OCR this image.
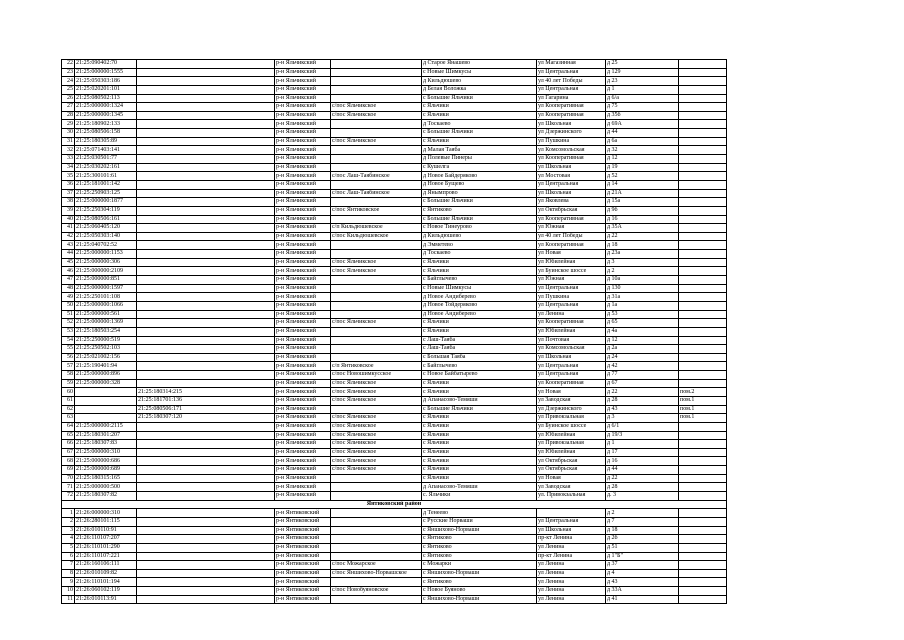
22	21:25:090402:70		р-н Яльчикский		д Старое Янашево	ул Магазинная	д 25	
23	21:25:000000:1555		р-н Яльчикский		с Новые Шимкусы	ул Центральная	д 129	
24	21:25:050303:186		р-н Яльчикский		д Кильдюшево	ул 40 лет Победы	д 23	
25	21:25:020201:101		р-н Яльчикский		д Белая Воложка	ул Центральная	д 1	
26	21:25:080502:113		р-н Яльчикский		с Большие Яльчики	ул Гагарина	д 6/а	
27	21:25:000000:1324		р-н Яльчикский	с/пос Яльчикское	с Яльчики	ул Кооперативная	д 75	
28	21:25:000000:1345		р-н Яльчикский	с/пос Яльчикское	с Яльчики	ул Кооперативная	д 35б	
29	21:25:180902:133		р-н Яльчикский		д Тоскаево	ул Школьная	д 69А	
30	21:25:080506:158		р-н Яльчикский		с Большие Яльчики	ул Дзержинского	д 44	
31	21:25:180305:89		р-н Яльчикский	с/пос Яльчикское	с Яльчики	ул Пушкина	д 6а	
32	21:25:071403:141		р-н Яльчикский		д Малая Таяба	ул Комсомольская	д 32	
33	21:25:030501:77		р-н Яльчикский		д Полевые Пинеры	ул Кооперативная	д 12	
34	21:25:030202:161		р-н Яльчикский		с Кушелга	ул Школьная	д 19	
35	21:25:300101:61		р-н Яльчикский	с/пос Лаш-Таябинское	д Новое Байдеряково	ул Мостовая	д 52	
36	21:25:181001:142		р-н Яльчикский		д Новое Бущево	ул Центральная	д 14	
37	21:25:250903:125		р-н Яльчикский	с/пос Лаш-Таябинское	д Янымпрово	ул Школьная	д 21А	
38	21:25:000000:1877		р-н Яльчикский		с Большие Яльчики	ул Яковлева	д 15а	
39	21:25:250304:119		р-н Яльчикский	с/пос Янтиковское	с Янтиково	ул Октябрьская	д 9б	
40	21:25:080506:161		р-н Яльчикский		с Большие Яльчики	ул Кооперативная	д 16	
41	21:25:060405:120		р-н Яльчикский	с/п Кильдюшевское	с Новое Тинеурово	ул Южная	д 35А	
42	21:25:050303:140		р-н Яльчикский	с/пос Кильдюшевское	д Кильдюшево	ул 40 лет Победы	д 22	
43	21:25:040702:52		р-н Яльчикский		д Эмметево	ул Кооперативная	д 18	
44	21:25:000000:1153		р-н Яльчикский		д Тоскаево	ул Новая	д 23а	
45	21:25:000000:306		р-н Яльчикский	с/пос Яльчикское	с Яльчики	ул Юбилейная	д 3	
46	21:25:000000:2109		р-н Яльчикский	с/пос Яльчикское	с Яльчики	ул Буинское шоссе	д 2	
47	21:25:000000:851		р-н Яльчикский		с Байглычево	ул Южная	д 10а	
48	21:25:000000:1597		р-н Яльчикский		с Новые Шимкусы	ул Центральная	д 130	
49	21:25:250101:108		р-н Яльчикский		д Новое Андиберево	ул Пушкина	д 31а	
50	21:25:000000:1066		р-н Яльчикский		д Новое Тойдеряково	ул Центральная	д 1а	
51	21:25:000000:561		р-н Яльчикский		д Новое Андиберево	ул Ленина	д 53	
52	21:25:000000:1369		р-н Яльчикский	с/пос Яльчикское	с Яльчики	ул Кооперативная	д 65	
53	21:25:180503:254		р-н Яльчикский		с Яльчики	ул Юбилейная	д 4а	
54	21:25:250000:519		р-н Яльчикский		с Лаш-Таяба	ул Почтовая	д 12	
55	21:25:250502:103		р-н Яльчикский		с Лаш-Таяба	ул Комсомольская	д 2а	
56	21:25:021002:156		р-н Яльчикский		с Большая Таяба	ул Школьная	д 24	
57	21:25:190401:94		р-н Яльчикский	с/п Янтиковское	с Байглычево	ул Центральная	д 42	
58	21:25:000000:896		р-н Яльчикский	с/пос Новошимкусское	с Новое Байбатырево	ул Центральная	д 77	
59	21:25:000000:328		р-н Яльчикский	с/пос Яльчикское	с Яльчики	ул Кооперативная	д 67	
60		21:25:180314:215	р-н Яльчикский	с/пос Яльчикское	с Яльчики	ул Новая	д 22	пом.2
61		21:25:181701:136	р-н Яльчикский	с/пос Яльчикское	д Апанасово-Темяши	ул Заводская	д 28	пом.1
62		21:25:080506:171	р-н Яльчикский		с Большие Яльчики	ул Дзержинского	д 43	пом.1
63		21:25:180307:120	р-н Яльчикский	с/пос Яльчикское	с Яльчики	ул Привокзальная	д 3	пом.1
64	21:25:000000:2115		р-н Яльчикский	с/пос Яльчикское	с Яльчики	ул Буинское шоссе	д 6/1	
65	21:25:180301:207		р-н Яльчикский	с/пос Яльчикское	с Яльчики	ул Юбилейная	д 19/3	
66	21:25:180307:83		р-н Яльчикский	с/пос Яльчикское	с Яльчики	ул Привокзальная	д 1	
67	21:25:000000:310		р-н Яльчикский	с/пос Яльчикское	с Яльчики	ул Юбилейная	д 17	
68	21:25:000000:686		р-н Яльчикский	с/пос Яльчикское	с Яльчики	ул Октябрьская	д 16	
69	21:25:000000:689		р-н Яльчикский	с/пос Яльчикское	с Яльчики	ул Октябрьская	д 44	
70	21:25:180315:165		р-н Яльчикский		с Яльчики	ул Новая	д 22	
71	21:25:000000:500		р-н Яльчикский		д Апанасово-Темяши	ул Заводская	д 28	
72	21:25:180307:82		р-н Яльчикский		с. Яльчики	ул. Привокзальная	д. 3	
Янтиковский район								
1	21:26:000000:310		р-н Янтиковский		д Тенеево		д 2	
2	21:26:280101:115		р-н Янтиковский		с Русские Норваши	ул Центральная	д 7	
3	21:26:010110:91		р-н Янтиковский		с Яншихово-Норваши	ул Школьная	д 18	
4	21:26:110107:207		р-н Янтиковский		с Янтиково	пр-кт Ленина	д 2б	
5	21:26:110101:290		р-н Янтиковский		с Янтиково	ул Ленина	д 51	
6	21:26:110107:221		р-н Янтиковский		с Янтиково	пр-кт Ленина	д 1"Б"	
7	21:26:160106:111		р-н Янтиковский	с/пос Можарское	с Можарки	ул Ленина	д 37	
8	21:26:010109:82		р-н Янтиковский	с/пос Яншихово-Норвашское	с Яншихово-Норваши	ул Ленина	д 4	
9	21:26:110101:194		р-н Янтиковский		с Янтиково	ул Ленина	д 43	
10	21:26:060102:119		р-н Янтиковский	с/пос Новобуяновское	с Новое Буяново	ул Ленина	д 33А	
11	21:26:010113:91		р-н Янтиковский		с Яншихово-Норваши	ул Ленина	д 41	
